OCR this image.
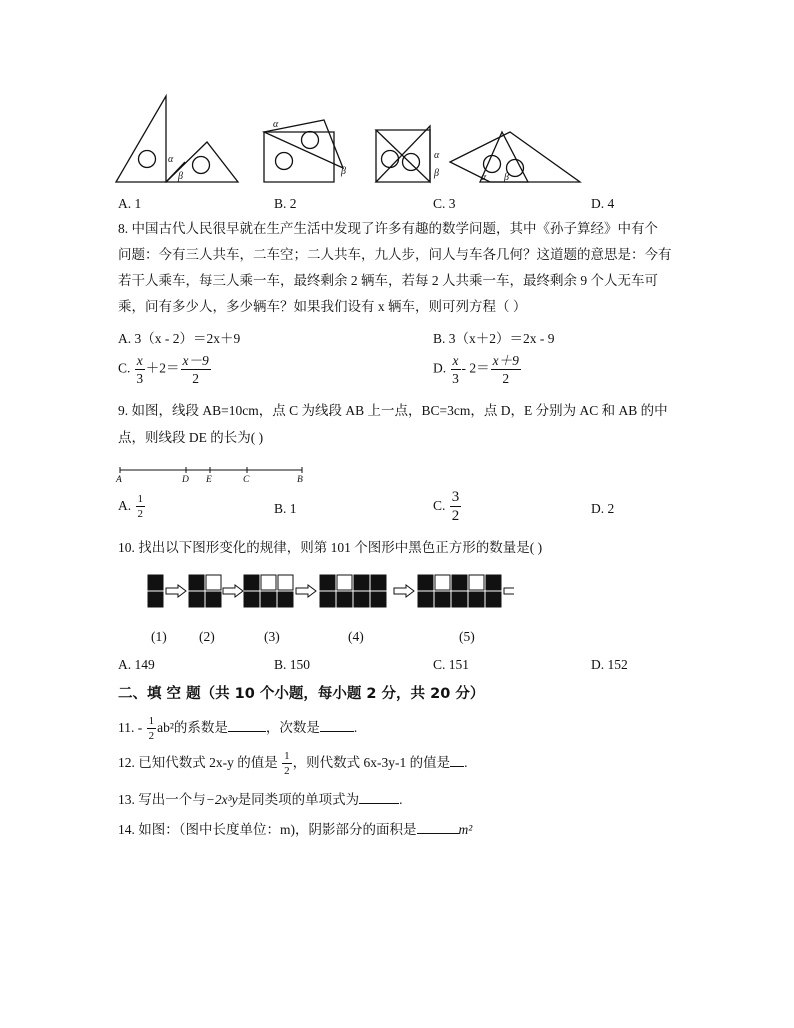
α
β
α
β
α
β	α β
A. 1	B. 2	C. 3	D. 4
8. 中国古代人民很早就在生产生活中发现了许多有趣的数学问题，其中《孙子算经》中有个
问题：今有三人共车，二车空；二人共车，九人步，问人与车各几何？这道题的意思是：今有
若干人乘车，每三人乘一车，最终剩余 2 辆车，若每 2 人共乘一车，最终剩余 9 个人无车可
乘，问有多少人，多少辆车？如果我们设有 x 辆车，则可列方程（ ）
A. 3（x - 2）＝2x＋9	B. 3（x＋2）＝2x - 9
C. $\frac{x}{3} +2= \frac{x-9}{2}$	D. $\frac{x}{3} - 2= \frac{x+9}{2}$
9. 如图，线段 AB=10cm，点 C 为线段 AB 上一点，BC=3cm，点 D，E 分别为 AC 和 AB 的中
点，则线段 DE 的长为( )
A	D E	C	B
A. $\frac{1}{2}$	B. 1	C. $\frac{3}{2}$	D. 2
10. 找出以下图形变化的规律，则第 101 个图形中黑色正方形的数量是( )
(1) (2)	(3)	(4)	(5)
A. 149	B. 150	C. 151	D. 152
二、填 空 题（共 10 个小题，每小题 2 分，共 20 分）
11. - $\frac{1}{2} ab^2$的系数是	，次数是	.
12. 已知代数式 2x-y 的值是 $\frac{1}{2}$ ，则代数式 6x-3y-1 的值是 .
13. 写出一个与−2x³y是同类项的单项式为	.
14. 如图：（图中长度单位：m)，阴影部分的面积是	m²
